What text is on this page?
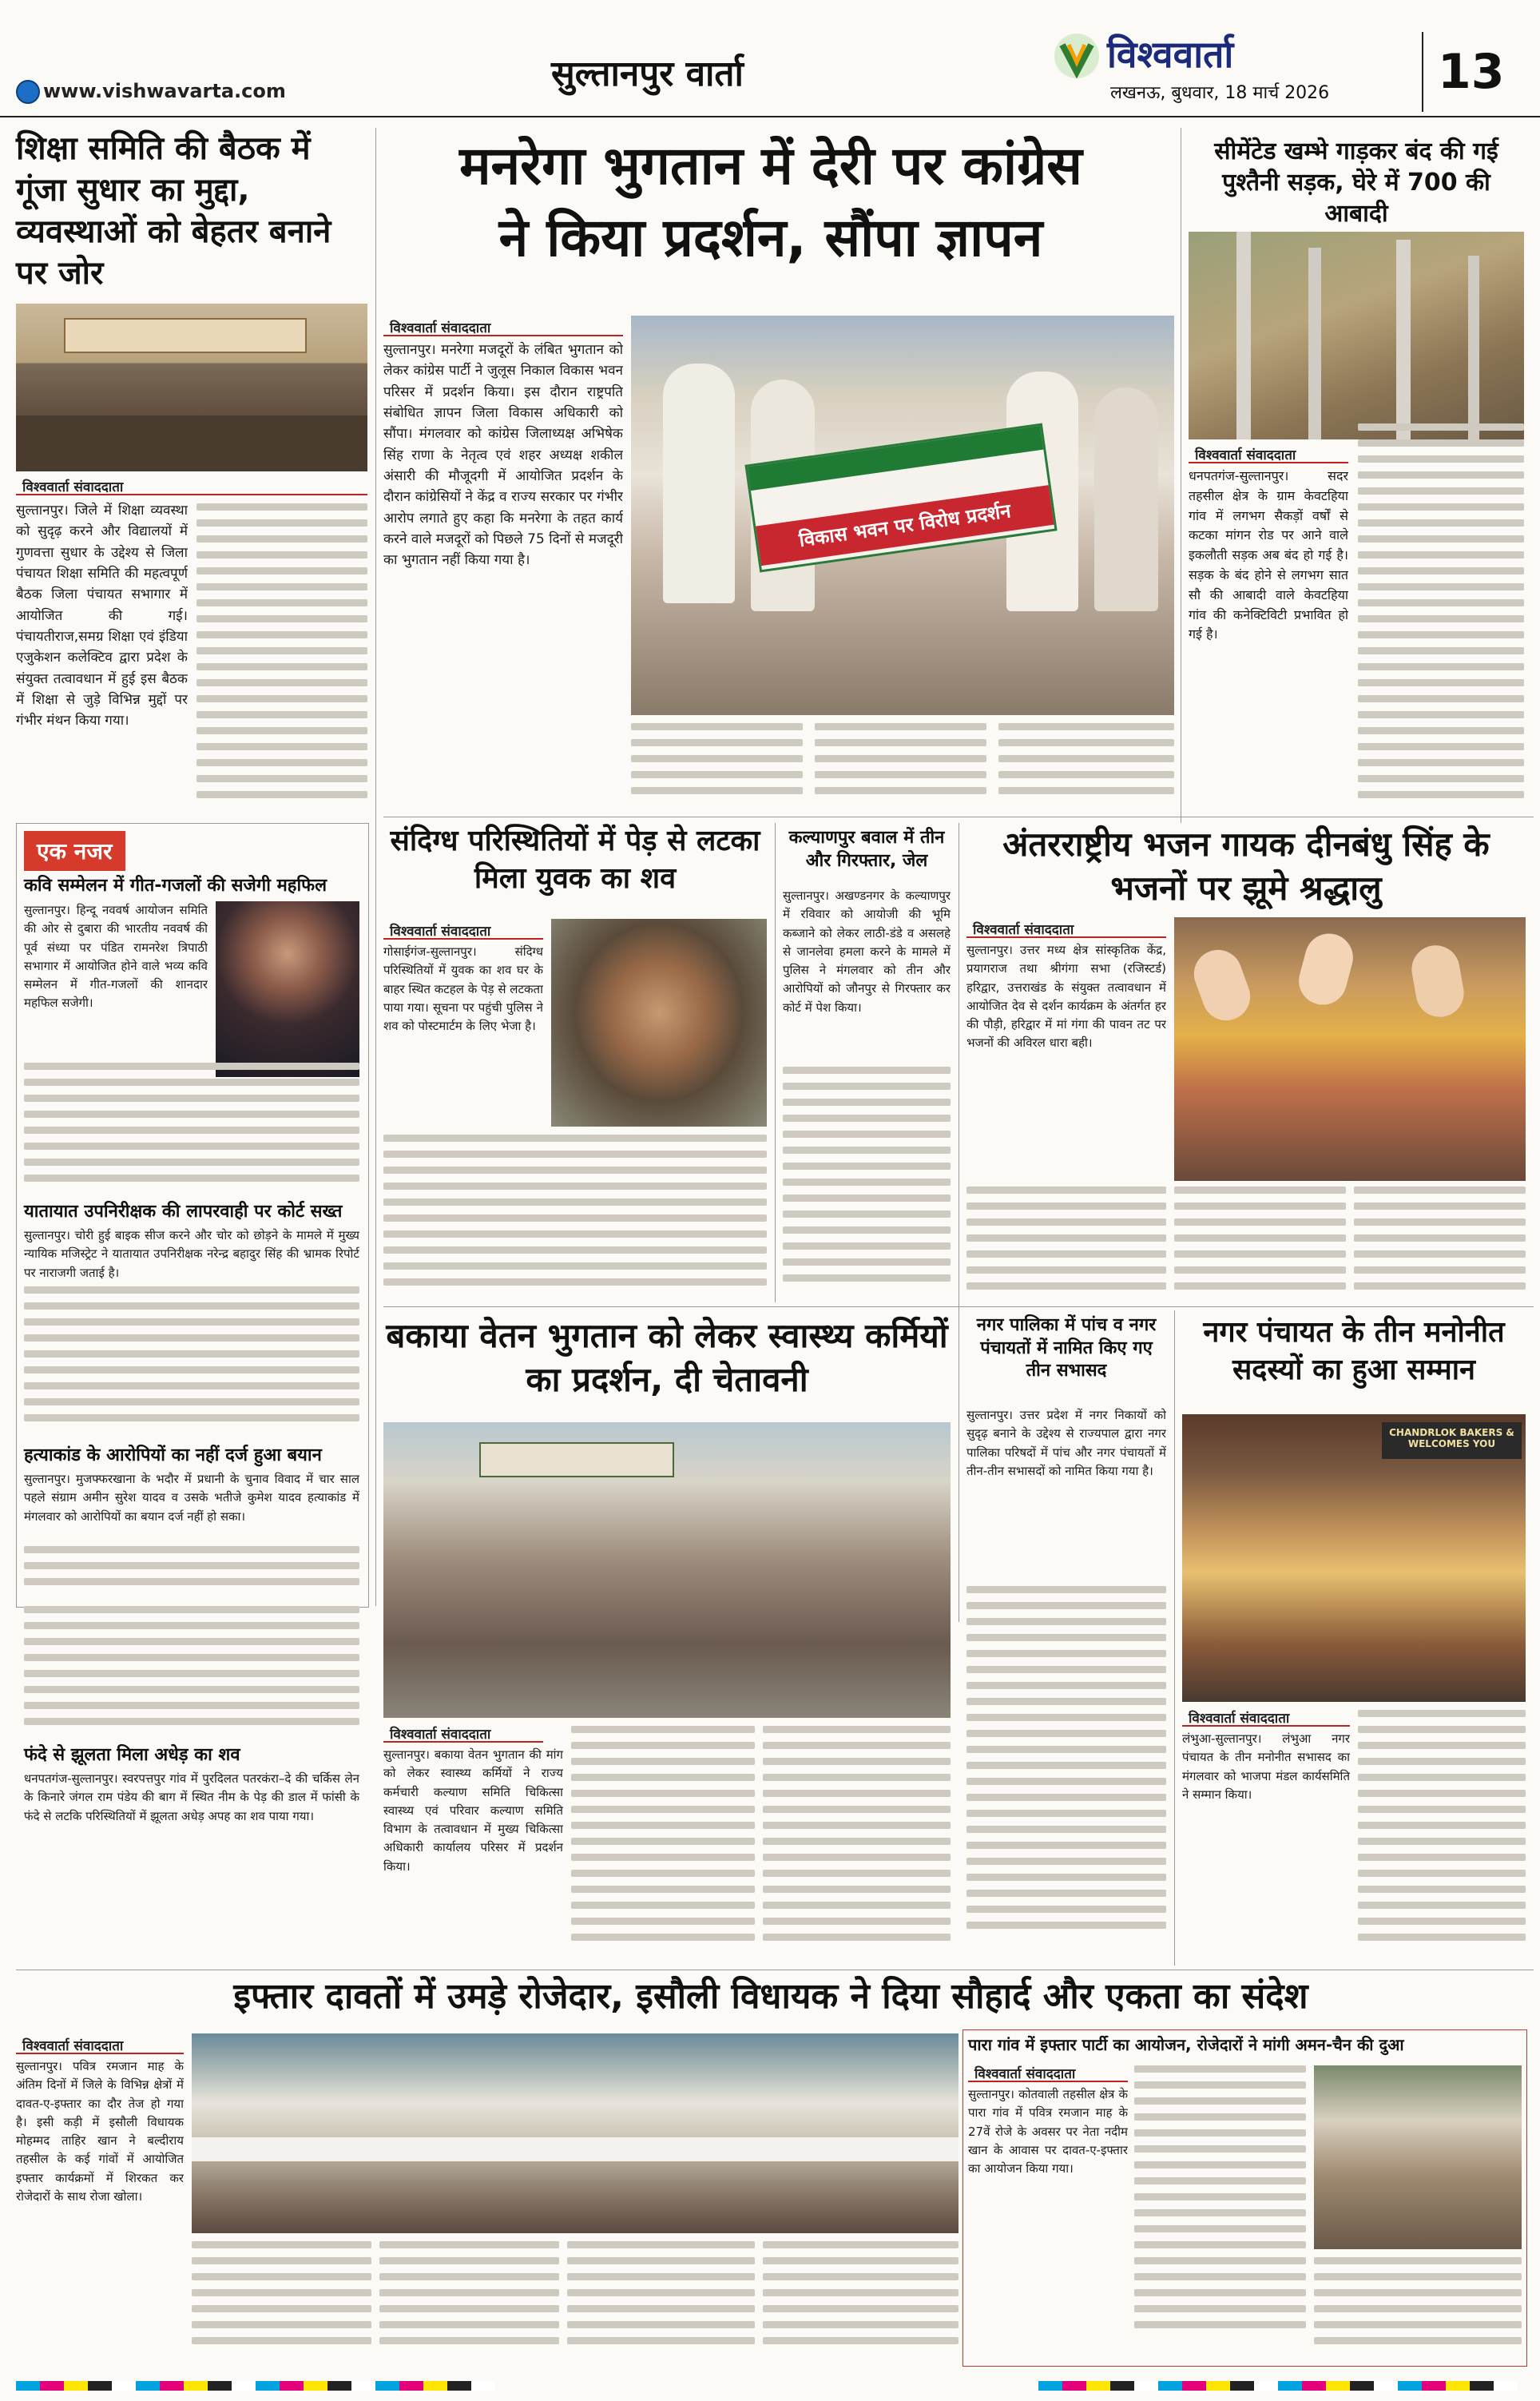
www.vishwavarta.com	सुल्तानपुर वार्ता	विश्ववार्ता
लखनऊ, बुधवार, 18 मार्च 2026 13
शिक्षा समिति की बैठक में गूंजा सुधार का मुद्दा, व्यवस्थाओं को बेहतर बनाने पर जोर
विश्ववार्ता संवाददाता
सुल्तानपुर। जिले में शिक्षा व्यवस्था को सुदृढ़ करने और विद्यालयों में गुणवत्ता सुधार के उद्देश्य से जिला पंचायत शिक्षा समिति की महत्वपूर्ण बैठक जिला पंचायत सभागार में आयोजित की गई। पंचायतीराज,समग्र शिक्षा एवं इंडिया एजुकेशन कलेक्टिव द्वारा प्रदेश के संयुक्त तत्वावधान में हुई इस बैठक में शिक्षा से जुड़े विभिन्न मुद्दों पर गंभीर मंथन किया गया।
मनरेगा भुगतान में देरी पर कांग्रेस
ने किया प्रदर्शन, सौंपा ज्ञापन
विश्ववार्ता संवाददाता
सुल्तानपुर। मनरेगा मजदूरों के लंबित भुगतान को लेकर कांग्रेस पार्टी ने जुलूस निकाल विकास भवन परिसर में प्रदर्शन किया। इस दौरान राष्ट्रपति संबोधित ज्ञापन जिला विकास अधिकारी को सौंपा। मंगलवार को कांग्रेस जिलाध्यक्ष अभिषेक सिंह राणा के नेतृत्व एवं शहर अध्यक्ष शकील अंसारी की मौजूदगी में आयोजित प्रदर्शन के दौरान कांग्रेसियों ने केंद्र व राज्य सरकार पर गंभीर आरोप लगाते हुए कहा कि मनरेगा के तहत कार्य करने वाले मजदूरों को पिछले 75 दिनों से मजदूरी का भुगतान नहीं किया गया है।
विकास भवन पर विरोध प्रदर्शन
सीमेंटेड खम्भे गाड़कर बंद की गई पुश्तैनी सड़क, घेरे में 700 की आबादी
विश्ववार्ता संवाददाता
धनपतगंज-सुल्तानपुर। सदर तहसील क्षेत्र के ग्राम केवटहिया गांव में लगभग सैकड़ों वर्षों से कटका मांगन रोड पर आने वाले इकलौती सड़क अब बंद हो गई है। सड़क के बंद होने से लगभग सात सौ की आबादी वाले केवटहिया गांव की कनेक्टिविटी प्रभावित हो गई है।
एक नजर
कवि सम्मेलन में गीत-गजलों की सजेगी महफिल
सुल्तानपुर। हिन्दू नववर्ष आयोजन समिति की ओर से दुबारा की भारतीय नववर्ष की पूर्व संध्या पर पंडित रामनरेश त्रिपाठी सभागार में आयोजित होने वाले भव्य कवि सम्मेलन में गीत-गजलों की शानदार महफिल सजेगी।
यातायात उपनिरीक्षक की लापरवाही पर कोर्ट सख्त
सुल्तानपुर। चोरी हुई बाइक सीज करने और चोर को छोड़ने के मामले में मुख्य न्यायिक मजिस्ट्रेट ने यातायात उपनिरीक्षक नरेन्द्र बहादुर सिंह की भ्रामक रिपोर्ट पर नाराजगी जताई है।
हत्याकांड के आरोपियों का नहीं दर्ज हुआ बयान
सुल्तानपुर। मुजफ्फरखाना के भदौर में प्रधानी के चुनाव विवाद में चार साल पहले संग्राम अमीन सुरेश यादव व उसके भतीजे कुमेश यादव हत्याकांड में मंगलवार को आरोपियों का बयान दर्ज नहीं हो सका।
फंदे से झूलता मिला अधेड़ का शव
धनपतगंज-सुल्तानपुर। स्वरपत्तपुर गांव में पुरदिलत पतरकंरा–दे की चर्किस लेन के किनारे जंगल राम पंडेय की बाग में स्थित नीम के पेड़ की डाल में फांसी के फंदे से लटकि परिस्थितियों में झूलता अधेड़ अपह का शव पाया गया।
संदिग्ध परिस्थितियों में पेड़ से लटका मिला युवक का शव
विश्ववार्ता संवाददाता
गोसाईगंज-सुल्तानपुर। संदिग्ध परिस्थितियों में युवक का शव घर के बाहर स्थित कटहल के पेड़ से लटकता पाया गया। सूचना पर पहुंची पुलिस ने शव को पोस्टमार्टम के लिए भेजा है।
कल्याणपुर बवाल में तीन और गिरफ्तार, जेल
सुल्तानपुर। अखण्डनगर के कल्याणपुर में रविवार को आयोजी की भूमि कब्जाने को लेकर लाठी-डंडे व असलहे से जानलेवा हमला करने के मामले में पुलिस ने मंगलवार को तीन और आरोपियों को जौनपुर से गिरफ्तार कर कोर्ट में पेश किया।
अंतरराष्ट्रीय भजन गायक दीनबंधु सिंह के भजनों पर झूमे श्रद्धालु
विश्ववार्ता संवाददाता
सुल्तानपुर। उत्तर मध्य क्षेत्र सांस्कृतिक केंद्र, प्रयागराज तथा श्रीगंगा सभा (रजिस्टर्ड) हरिद्वार, उत्तराखंड के संयुक्त तत्वावधान में आयोजित देव से दर्शन कार्यक्रम के अंतर्गत हर की पौड़ी, हरिद्वार में मां गंगा की पावन तट पर भजनों की अविरल धारा बही।
बकाया वेतन भुगतान को लेकर स्वास्थ्य कर्मियों का प्रदर्शन, दी चेतावनी
विश्ववार्ता संवाददाता
सुल्तानपुर। बकाया वेतन भुगतान की मांग को लेकर स्वास्थ्य कर्मियों ने राज्य कर्मचारी कल्याण समिति चिकित्सा स्वास्थ्य एवं परिवार कल्याण समिति विभाग के तत्वावधान में मुख्य चिकित्सा अधिकारी कार्यालय परिसर में प्रदर्शन किया।
नगर पालिका में पांच व नगर पंचायतों में नामित किए गए तीन सभासद
सुल्तानपुर। उत्तर प्रदेश में नगर निकायों को सुदृढ़ बनाने के उद्देश्य से राज्यपाल द्वारा नगर पालिका परिषदों में पांच और नगर पंचायतों में तीन-तीन सभासदों को नामित किया गया है।
नगर पंचायत के तीन मनोनीत सदस्यों का हुआ सम्मान
CHANDRLOK BAKERS & WELCOMES YOU
विश्ववार्ता संवाददाता
लंभुआ-सुल्तानपुर। लंभुआ नगर पंचायत के तीन मनोनीत सभासद का मंगलवार को भाजपा मंडल कार्यसमिति ने सम्मान किया।
इफ्तार दावतों में उमड़े रोजेदार, इसौली विधायक ने दिया सौहार्द और एकता का संदेश
विश्ववार्ता संवाददाता
सुल्तानपुर। पवित्र रमजान माह के अंतिम दिनों में जिले के विभिन्न क्षेत्रों में दावत-ए-इफ्तार का दौर तेज हो गया है। इसी कड़ी में इसौली विधायक मोहम्मद ताहिर खान ने बल्दीराय तहसील के कई गांवों में आयोजित इफ्तार कार्यक्रमों में शिरकत कर रोजेदारों के साथ रोजा खोला।
पारा गांव में इफ्तार पार्टी का आयोजन, रोजेदारों ने मांगी अमन-चैन की दुआ
विश्ववार्ता संवाददाता
सुल्तानपुर। कोतवाली तहसील क्षेत्र के पारा गांव में पवित्र रमजान माह के 27वें रोजे के अवसर पर नेता नदीम खान के आवास पर दावत-ए-इफ्तार का आयोजन किया गया।
